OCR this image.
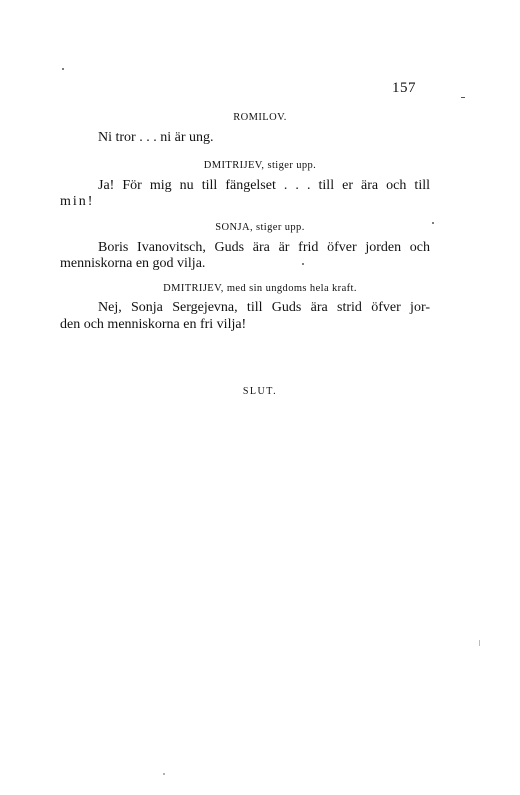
157
ROMILOV.
Ni tror . . . ni är ung.
DMITRIJEV, stiger upp.
Ja! För mig nu till fängelset . . . till er ära och till
min!
SONJA, stiger upp.
Boris Ivanovitsch, Guds ära är frid öfver jorden och
menniskorna en god vilja.
DMITRIJEV, med sin ungdoms hela kraft.
Nej, Sonja Sergejevna, till Guds ära strid öfver jor-
den och menniskorna en fri vilja!
SLUT.
